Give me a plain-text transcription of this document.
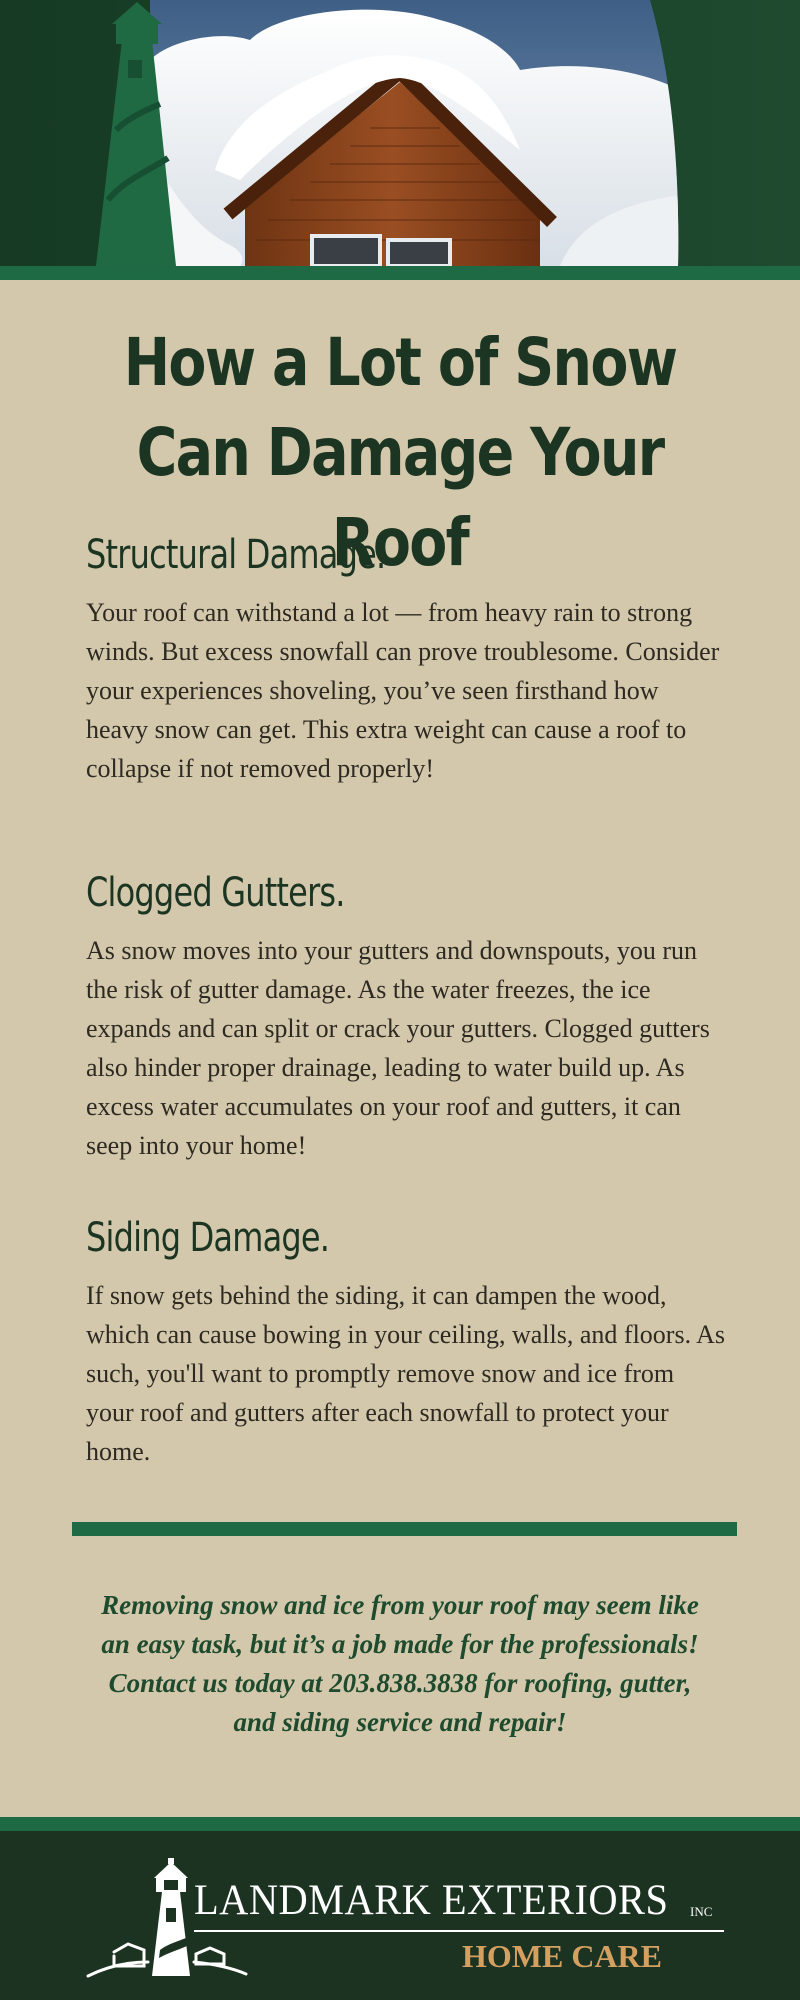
How a Lot of Snow Can Damage Your Roof
Structural Damage.

Your roof can withstand a lot — from heavy rain to strong winds. But excess snowfall can prove troublesome. Consider your experiences shoveling, you’ve seen firsthand how heavy snow can get. This extra weight can cause a roof to collapse if not removed properly!

Clogged Gutters.

As snow moves into your gutters and downspouts, you run the risk of gutter damage. As the water freezes, the ice expands and can split or crack your gutters. Clogged gutters also hinder proper drainage, leading to water build up. As excess water accumulates on your roof and gutters, it can seep into your home!

Siding Damage.

If snow gets behind the siding, it can dampen the wood, which can cause bowing in your ceiling, walls, and floors. As such, you'll want to promptly remove snow and ice from your roof and gutters after each snowfall to protect your home.

Removing snow and ice from your roof may seem like an easy task, but it’s a job made for the professionals! Contact us today at 203.838.3838 for roofing, gutter, and siding service and repair!

LANDMARK EXTERIORS	INC
HOME CARE
